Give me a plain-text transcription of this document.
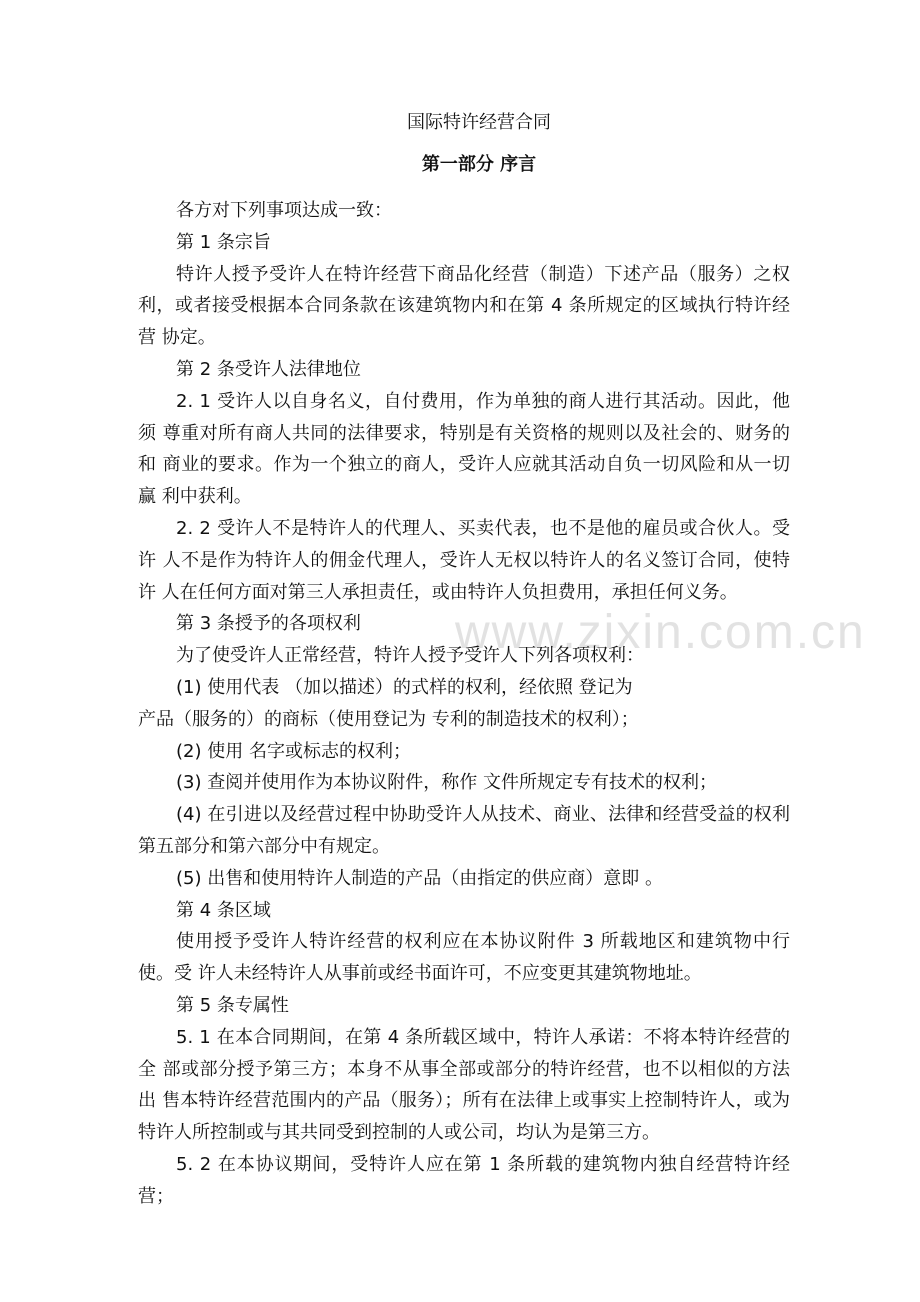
www.zixin.com.cn
国际特许经营合同
第一部分 序言

各方对下列事项达成一致：

第 1 条宗旨

特许人授予受许人在特许经营下商品化经营（制造）下述产品（服务）之权利，或者接受根据本合同条款在该建筑物内和在第 4 条所规定的区域执行特许经营 协定。

第 2 条受许人法律地位

2. 1 受许人以自身名义，自付费用，作为单独的商人进行其活动。因此，他须 尊重对所有商人共同的法律要求，特别是有关资格的规则以及社会的、财务的和 商业的要求。作为一个独立的商人，受许人应就其活动自负一切风险和从一切赢 利中获利。

2. 2 受许人不是特许人的代理人、买卖代表，也不是他的雇员或合伙人。受许 人不是作为特许人的佣金代理人，受许人无权以特许人的名义签订合同，使特许 人在任何方面对第三人承担责任，或由特许人负担费用，承担任何义务。

第 3 条授予的各项权利

为了使受许人正常经营，特许人授予受许人下列各项权利：

(1) 使用代表 （加以描述）的式样的权利，经依照 登记为

产品（服务的）的商标（使用登记为 专利的制造技术的权利）；

(2) 使用 名字或标志的权利；

(3) 查阅并使用作为本协议附件，称作 文件所规定专有技术的权利；

(4) 在引进以及经营过程中协助受许人从技术、商业、法律和经营受益的权利 第五部分和第六部分中有规定。

(5) 出售和使用特许人制造的产品（由指定的供应商）意即 。

第 4 条区域

使用授予受许人特许经营的权利应在本协议附件 3 所载地区和建筑物中行使。受 许人未经特许人从事前或经书面许可，不应变更其建筑物地址。

第 5 条专属性

5. 1 在本合同期间，在第 4 条所载区域中，特许人承诺：不将本特许经营的全 部或部分授予第三方；本身不从事全部或部分的特许经营，也不以相似的方法出 售本特许经营范围内的产品（服务）；所有在法律上或事实上控制特许人，或为 特许人所控制或与其共同受到控制的人或公司，均认为是第三方。

5. 2 在本协议期间，受特许人应在第 1 条所载的建筑物内独自经营特许经营；
